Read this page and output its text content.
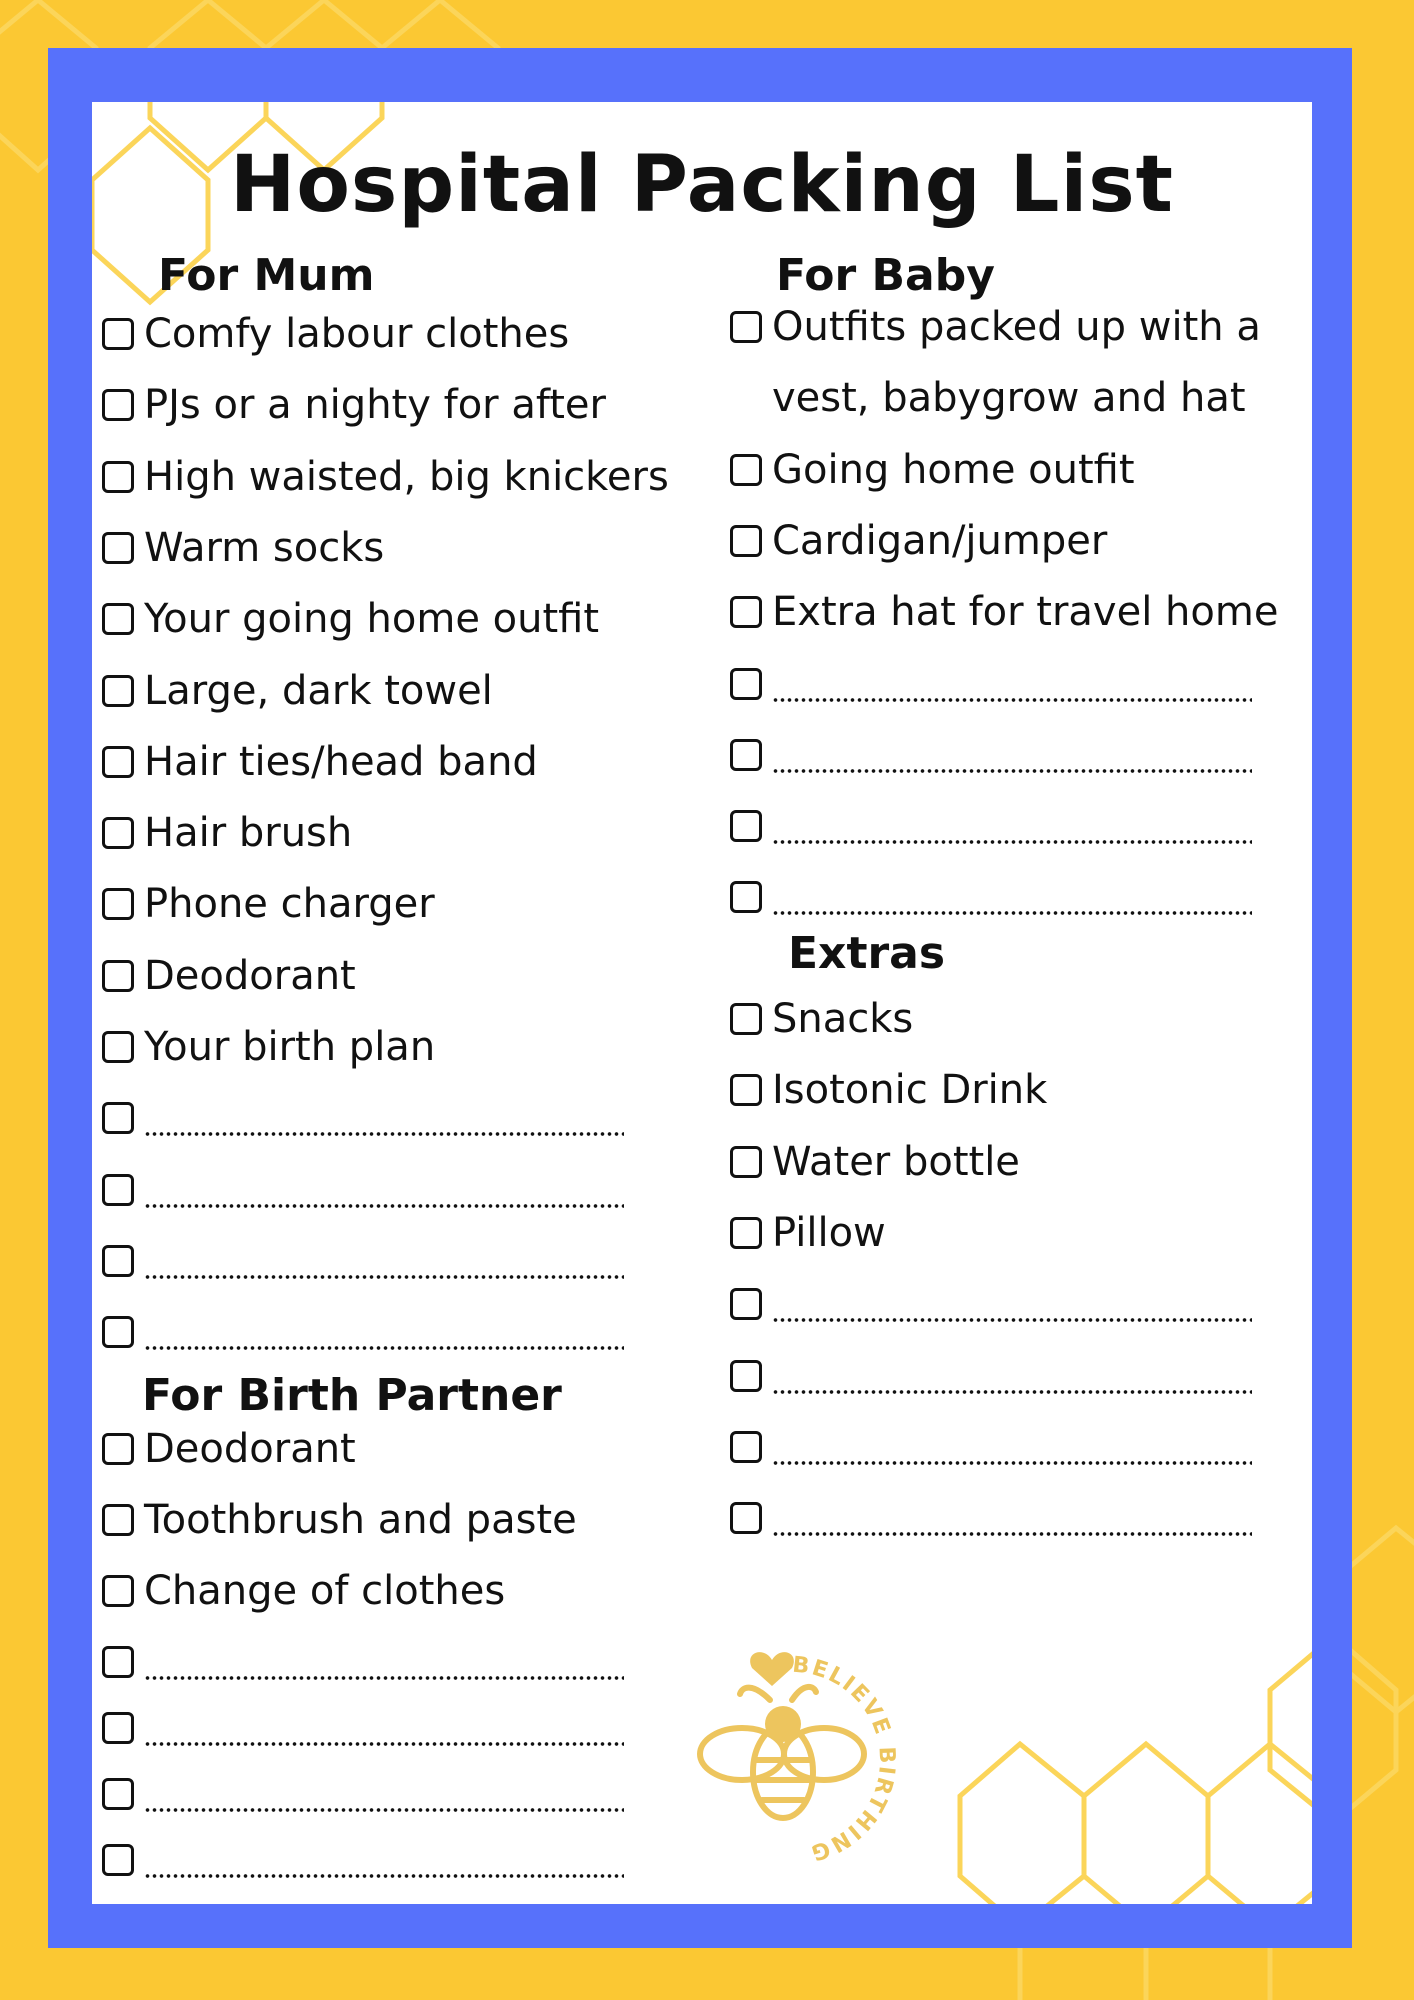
Hospital Packing List
For Mum
Comfy labour clothes
PJs or a nighty for after
High waisted, big knickers
Warm socks
Your going home outfit
Large, dark towel
Hair ties/head band
Hair brush
Phone charger
Deodorant
Your birth plan
For Birth Partner
Deodorant
Toothbrush and paste
Change of clothes
For Baby
Outfits packed up with a
vest, babygrow and hat
Going home outfit
Cardigan/jumper
Extra hat for travel home
Extras
Snacks
Isotonic Drink
Water bottle
Pillow
BELIEVE BIRTHING
